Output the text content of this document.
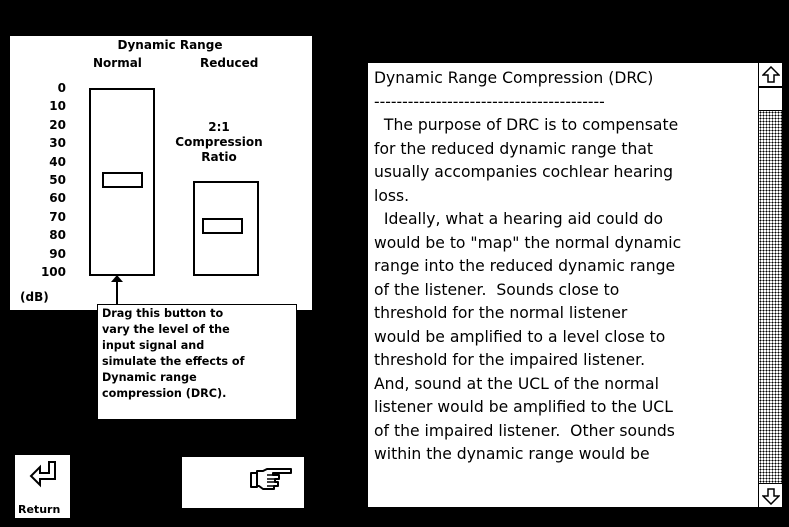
Dynamic Range
Normal	Reduced
0
10
20
30
40
50
60
70
80
90
100
2:1
Compression
Ratio
(dB)
Drag this button to
vary the level of the
input signal and
simulate the effects of
Dynamic range
compression (DRC).
Return

Dynamic Range Compression (DRC)

-----------------------------------------

The purpose of DRC is to compensate

for the reduced dynamic range that

usually accompanies cochlear hearing

loss.

Ideally, what a hearing aid could do

would be to "map" the normal dynamic

range into the reduced dynamic range

of the listener.  Sounds close to

threshold for the normal listener

would be amplified to a level close to

threshold for the impaired listener.

And, sound at the UCL of the normal

listener would be amplified to the UCL

of the impaired listener.  Other sounds

within the dynamic range would be
